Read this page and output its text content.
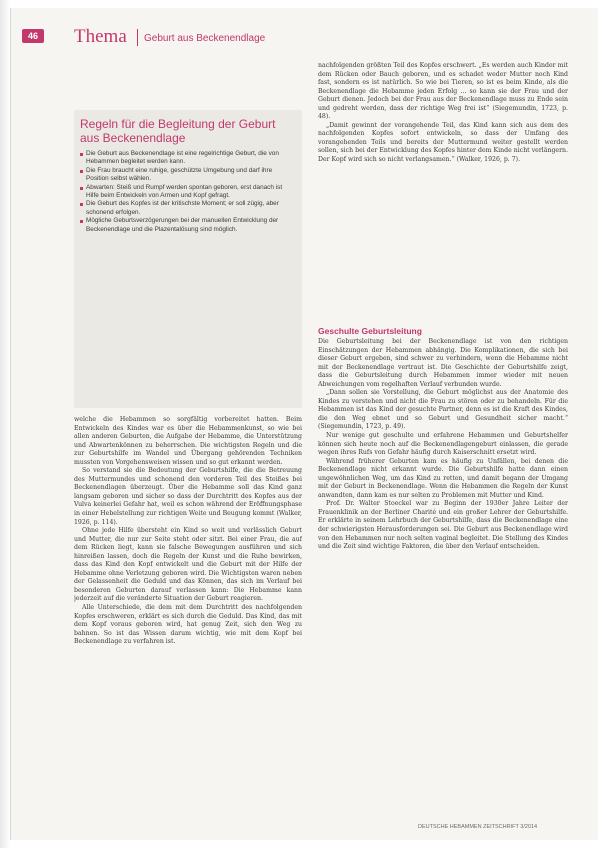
46	Thema Geburt aus Beckenendlage
Regeln für die Begleitung der Geburt aus Beckenendlage
Die Geburt aus Beckenendlage ist eine regelrichtige Geburt, die von Hebammen begleitet werden kann.
Die Frau braucht eine ruhige, geschützte Umgebung und darf ihre Position selbst wählen.
Abwarten: Steiß und Rumpf werden spontan geboren, erst danach ist Hilfe beim Entwickeln von Armen und Kopf gefragt.
Die Geburt des Kopfes ist der kritischste Moment; er soll zügig, aber schonend erfolgen.
Mögliche Geburtsverzögerungen bei der manuellen Entwicklung der Beckenendlage und die Plazentalösung sind möglich.

welche die Hebammen so sorgfältig vorbereitet hatten. Beim Entwickeln des Kindes war es über die Hebammenkunst, so wie bei allen anderen Geburten, die Aufgabe der Hebamme, die Unterstützung und Abwartenkönnen zu beherrschen. Die wichtigsten Regeln und die zur Geburtshilfe im Wandel und Übergang gehörenden Techniken mussten von Vorgehensweisen wissen und so gut erkannt werden.

So verstand sie die Bedeutung der Geburtshilfe, die die Betreuung des Muttermundes und schonend den vorderen Teil des Steißes bei Beckenendlagen überzeugt. Über die Hebamme soll das Kind ganz langsam geboren und sicher so dass der Durchtritt des Kopfes aus der Vulva keinerlei Gefahr hat, weil es schon während der Eröffnungsphase in einer Hebelstellung zur richtigen Weite und Beugung kommt (Walker, 1926, p. 114).

Ohne jede Hilfe übersteht ein Kind so weit und verlässlich Geburt und Mutter, die nur zur Seite steht oder sitzt. Bei einer Frau, die auf dem Rücken liegt, kann sie falsche Bewegungen ausführen und sich hinreißen lassen, doch die Regeln der Kunst und die Ruhe bewirken, dass das Kind den Kopf entwickelt und die Geburt mit der Hilfe der Hebamme ohne Verletzung geboren wird. Die Wichtigsten waren neben der Gelassenheit die Geduld und das Können, das sich im Verlauf bei besonderen Geburten darauf verlassen kann: Die Hebamme kann jederzeit auf die veränderte Situation der Geburt reagieren.

Alle Unterschiede, die dem mit dem Durchtritt des nachfolgenden Kopfes erschweren, erklärt es sich durch die Geduld. Das Kind, das mit dem Kopf voraus geboren wird, hat genug Zeit, sich den Weg zu bahnen. So ist das Wissen darum wichtig, wie mit dem Kopf bei Beckenendlage zu verfahren ist.

nachfolgenden größten Teil des Kopfes erschwert. „Es werden auch Kinder mit dem Rücken oder Bauch geboren, und es schadet weder Mutter noch Kind fast, sondern es ist natürlich. So wie bei Tieren, so ist es beim Kinde, als die Beckenendlage die Hebamme jeden Erfolg ... so kann sie der Frau und der Geburt dienen. Jedoch bei der Frau aus der Beckenendlage muss zu Ende sein und gedreht werden, dass der richtige Weg frei ist“ (Siegemundin, 1723, p. 48).

„Damit gewinnt der vorangehende Teil, das Kind kann sich aus dem des nachfolgenden Kopfes sofort entwickeln, so dass der Umfang des vorangehenden Teils und bereits der Muttermund weiter gestellt werden sollen, sich bei der Entwicklung des Kopfes hinter dem Kinde nicht verlängern. Der Kopf wird sich so nicht verlangsamen.“ (Walker, 1926, p. 7).

Geschulte Geburtsleitung

Die Geburtsleitung bei der Beckenendlage ist von den richtigen Einschätzungen der Hebammen abhängig. Die Komplikationen, die sich bei dieser Geburt ergeben, sind schwer zu verhindern, wenn die Hebamme nicht mit der Beckenendlage vertraut ist. Die Geschichte der Geburtshilfe zeigt, dass die Geburtsleitung durch Hebammen immer wieder mit neuen Abweichungen vom regelhaften Verlauf verbunden wurde.

„Dann sollen sie Vorstellung, die Geburt möglichst aus der Anatomie des Kindes zu verstehen und nicht die Frau zu stören oder zu behandeln. Für die Hebammen ist das Kind der gesuchte Partner, denn es ist die Kraft des Kindes, die den Weg ebnet und so Geburt und Gesundheit sicher macht.“ (Siegemundin, 1723, p. 49).

Nur wenige gut geschulte und erfahrene Hebammen und Geburtshelfer können sich heute noch auf die Beckenendlagengeburt einlassen, die gerade wegen ihres Rufs von Gefahr häufig durch Kaiserschnitt ersetzt wird.

Während früherer Geburten kam es häufig zu Unfällen, bei denen die Beckenendlage nicht erkannt wurde. Die Geburtshilfe hatte dann einen ungewöhnlichen Weg, um das Kind zu retten, und damit begann der Umgang mit der Geburt in Beckenendlage. Wenn die Hebammen die Regeln der Kunst anwandten, dann kam es nur selten zu Problemen mit Mutter und Kind.

Prof. Dr. Walter Stoeckel war zu Beginn der 1930er Jahre Leiter der Frauenklinik an der Berliner Charité und ein großer Lehrer der Geburtshilfe. Er erklärte in seinem Lehrbuch der Geburtshilfe, dass die Beckenendlage eine der schwierigsten Herausforderungen sei. Die Geburt aus Beckenendlage wird von den Hebammen nur noch selten vaginal begleitet. Die Stellung des Kindes und die Zeit sind wichtige Faktoren, die über den Verlauf entscheiden.

DEUTSCHE HEBAMMEN ZEITSCHRIFT 3/2014
